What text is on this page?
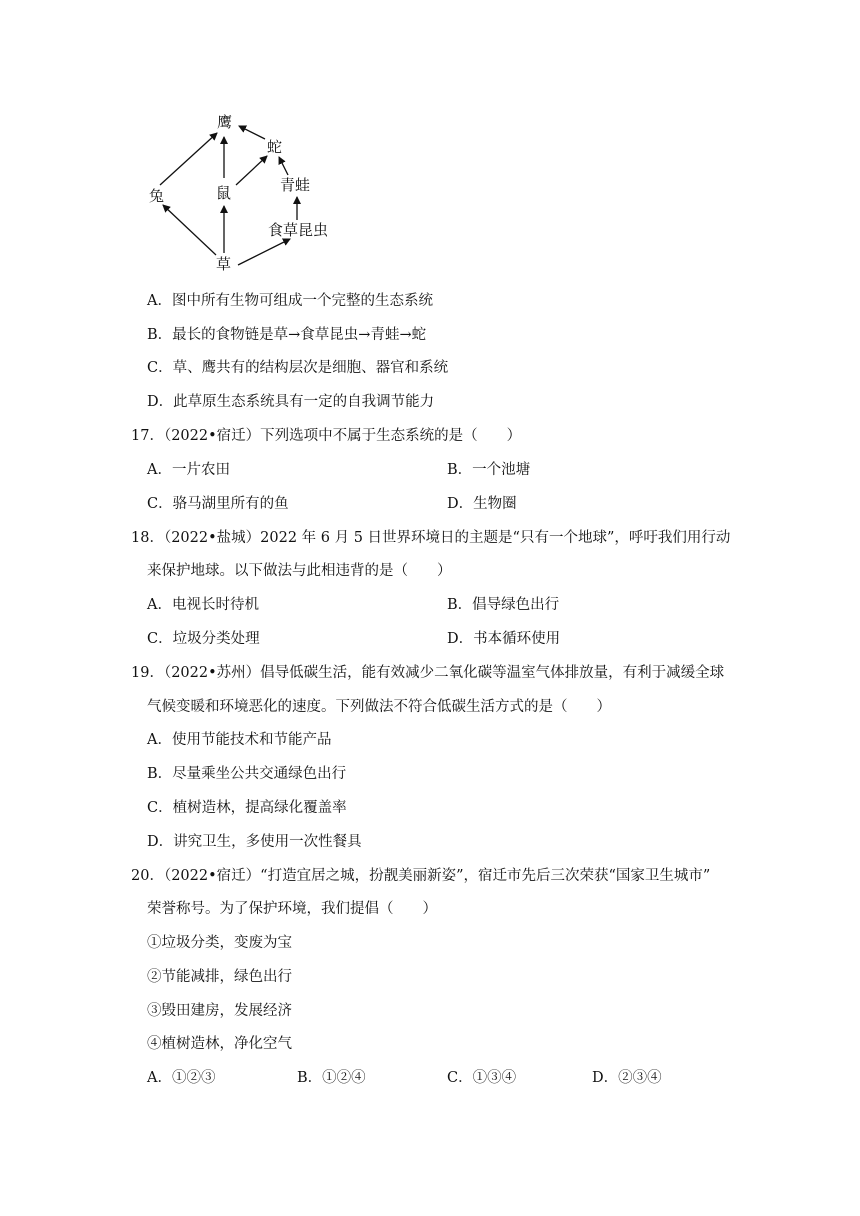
鹰
蛇
青蛙
兔	鼠
食草昆虫
草
A．图中所有生物可组成一个完整的生态系统
B．最长的食物链是草→食草昆虫→青蛙→蛇
C．草、鹰共有的结构层次是细胞、器官和系统
D．此草原生态系统具有一定的自我调节能力
17．（2022•宿迁）下列选项中不属于生态系统的是（　　）
A．一片农田	B．一个池塘
C．骆马湖里所有的鱼	D．生物圈
18．（2022•盐城）2022 年 6 月 5 日世界环境日的主题是“只有一个地球”，呼吁我们用行动
来保护地球。以下做法与此相违背的是（　　）
A．电视长时待机	B．倡导绿色出行
C．垃圾分类处理	D．书本循环使用
19．（2022•苏州）倡导低碳生活，能有效减少二氧化碳等温室气体排放量，有利于减缓全球
气候变暖和环境恶化的速度。下列做法不符合低碳生活方式的是（　　）
A．使用节能技术和节能产品
B．尽量乘坐公共交通绿色出行
C．植树造林，提高绿化覆盖率
D．讲究卫生，多使用一次性餐具
20．（2022•宿迁）“打造宜居之城，扮靓美丽新姿”，宿迁市先后三次荣获“国家卫生城市”
荣誉称号。为了保护环境，我们提倡（　　）
①垃圾分类，变废为宝
②节能减排，绿色出行
③毁田建房，发展经济
④植树造林，净化空气
A．①②③	B．①②④	C．①③④	D．②③④
